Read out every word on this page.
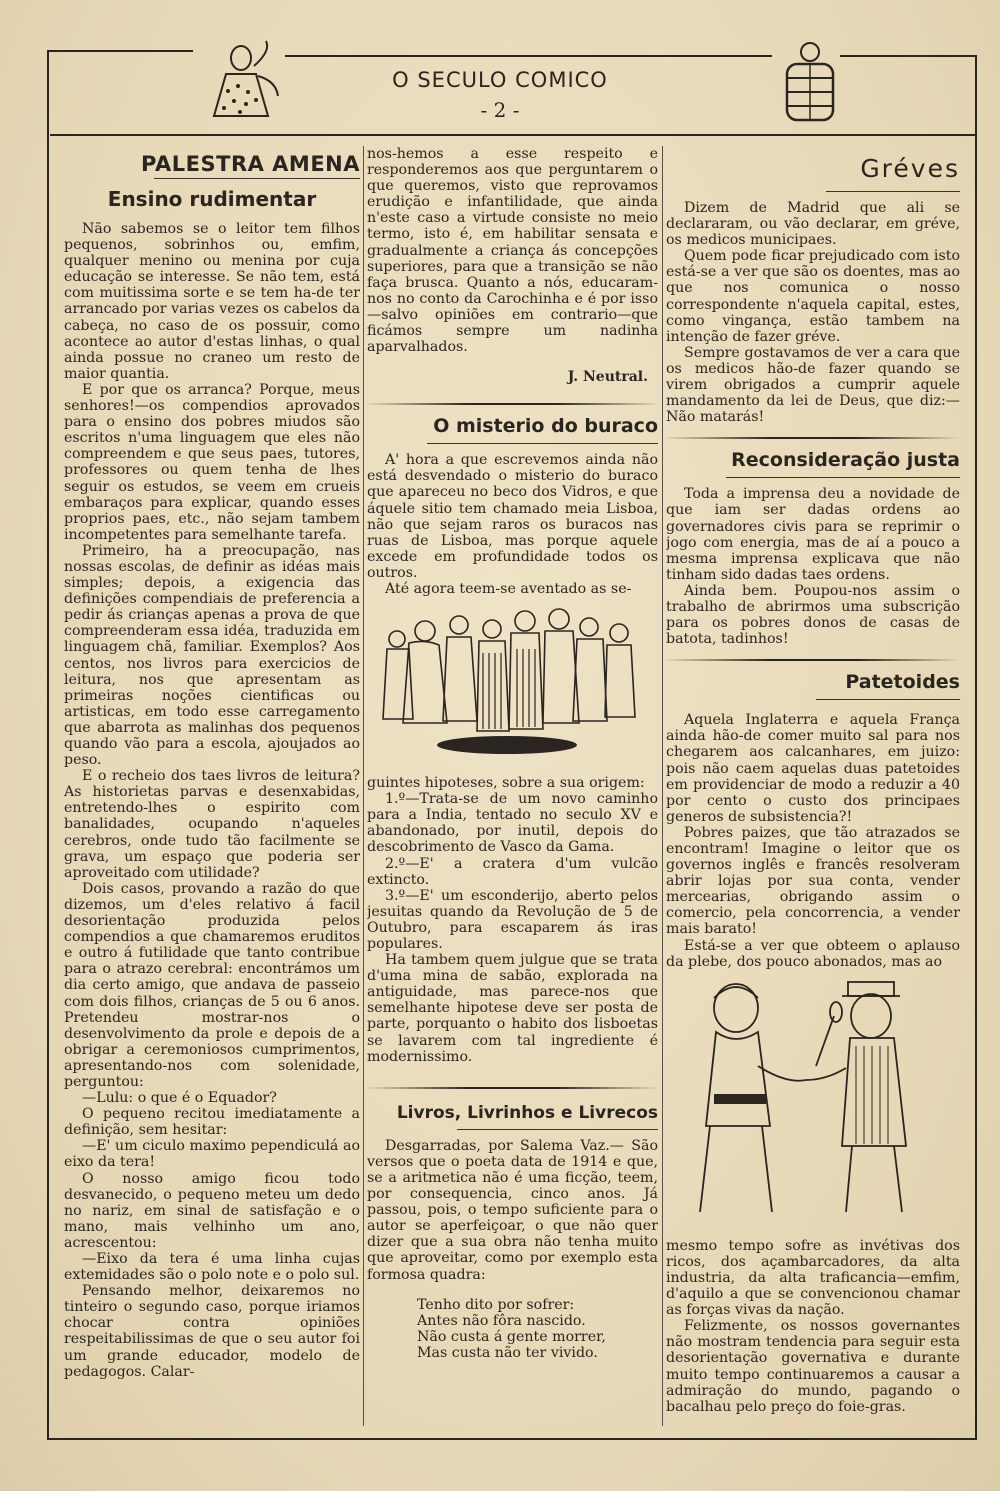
O SECULO COMICO
- 2 -
PALESTRA AMENA
Ensino rudimentar

Não sabemos se o leitor tem filhos pequenos, sobrinhos ou, emfim, qualquer menino ou menina por cuja educação se interesse. Se não tem, está com muitissima sorte e se tem ha-de ter arrancado por varias vezes os cabelos da cabeça, no caso de os possuir, como acontece ao autor d'estas linhas, o qual ainda possue no craneo um resto de maior quantia.

E por que os arranca? Porque, meus senhores!—os compendios aprovados para o ensino dos pobres miudos são escritos n'uma linguagem que eles não compreendem e que seus paes, tutores, professores ou quem tenha de lhes seguir os estudos, se veem em crueis embaraços para explicar, quando esses proprios paes, etc., não sejam tambem incompetentes para semelhante tarefa.

Primeiro, ha a preocupação, nas nossas escolas, de definir as idéas mais simples; depois, a exigencia das definições compendiais de preferencia a pedir ás crianças apenas a prova de que compreenderam essa idéa, traduzida em linguagem chã, familiar. Exemplos? Aos centos, nos livros para exercicios de leitura, nos que apresentam as primeiras noções cientificas ou artisticas, em todo esse carregamento que abarrota as malinhas dos pequenos quando vão para a escola, ajoujados ao peso.

E o recheio dos taes livros de leitura? As historietas parvas e desenxabidas, entretendo-lhes o espirito com banalidades, ocupando n'aqueles cerebros, onde tudo tão facilmente se grava, um espaço que poderia ser aproveitado com utilidade?

Dois casos, provando a razão do que dizemos, um d'eles relativo á facil desorientação produzida pelos compendios a que chamaremos eruditos e outro á futilidade que tanto contribue para o atrazo cerebral: encontrámos um dia certo amigo, que andava de passeio com dois filhos, crianças de 5 ou 6 anos. Pretendeu mostrar-nos o desenvolvimento da prole e depois de a obrigar a ceremoniosos cumprimentos, apresentando-nos com solenidade, perguntou:

—Lulu: o que é o Equador?

O pequeno recitou imediatamente a definição, sem hesitar:

—E' um ciculo maximo pependiculá ao eixo da tera!

O nosso amigo ficou todo desvanecido, o pequeno meteu um dedo no nariz, em sinal de satisfação e o mano, mais velhinho um ano, acrescentou:

—Eixo da tera é uma linha cujas extemidades são o polo note e o polo sul.

Pensando melhor, deixaremos no tinteiro o segundo caso, porque iriamos chocar contra opiniões respeitabilissimas de que o seu autor foi um grande educador, modelo de pedagogos. Calar-

nos-hemos a esse respeito e responderemos aos que perguntarem o que queremos, visto que reprovamos erudição e infantilidade, que ainda n'este caso a virtude consiste no meio termo, isto é, em habilitar sensata e gradualmente a criança ás concepções superiores, para que a transição se não faça brusca. Quanto a nós, educaram-nos no conto da Carochinha e é por isso—salvo opiniões em contrario—que ficámos sempre um nadinha aparvalhados.

J. Neutral.
O misterio do buraco

A' hora a que escrevemos ainda não está desvendado o misterio do buraco que apareceu no beco dos Vidros, e que áquele sitio tem chamado meia Lisboa, não que sejam raros os buracos nas ruas de Lisboa, mas porque aquele excede em profundidade todos os outros.

Até agora teem-se aventado as se-

guintes hipoteses, sobre a sua origem:

1.º—Trata-se de um novo caminho para a India, tentado no seculo XV e abandonado, por inutil, depois do descobrimento de Vasco da Gama.

2.º—E' a cratera d'um vulcão extincto.

3.º—E' um esconderijo, aberto pelos jesuitas quando da Revolução de 5 de Outubro, para escaparem ás iras populares.

Ha tambem quem julgue que se trata d'uma mina de sabão, explorada na antiguidade, mas parece-nos que semelhante hipotese deve ser posta de parte, porquanto o habito dos lisboetas se lavarem com tal ingrediente é modernissimo.

Livros, Livrinhos e Livrecos

Desgarradas, por Salema Vaz.— São versos que o poeta data de 1914 e que, se a aritmetica não é uma ficção, teem, por consequencia, cinco anos. Já passou, pois, o tempo suficiente para o autor se aperfeiçoar, o que não quer dizer que a sua obra não tenha muito que aproveitar, como por exemplo esta formosa quadra:

Tenho dito por sofrer:

Antes não fôra nascido.

Não custa á gente morrer,

Mas custa não ter vivido.

Gréves

Dizem de Madrid que ali se declararam, ou vão declarar, em gréve, os medicos municipaes.

Quem pode ficar prejudicado com isto está-se a ver que são os doentes, mas ao que nos comunica o nosso correspondente n'aquela capital, estes, como vingança, estão tambem na intenção de fazer gréve.

Sempre gostavamos de ver a cara que os medicos hão-de fazer quando se virem obrigados a cumprir aquele mandamento da lei de Deus, que diz:—Não matarás!

Reconsideração justa

Toda a imprensa deu a novidade de que iam ser dadas ordens ao governadores civis para se reprimir o jogo com energia, mas de aí a pouco a mesma imprensa explicava que não tinham sido dadas taes ordens.

Ainda bem. Poupou-nos assim o trabalho de abrirmos uma subscrição para os pobres donos de casas de batota, tadinhos!

Patetoides

Aquela Inglaterra e aquela França ainda hão-de comer muito sal para nos chegarem aos calcanhares, em juizo: pois não caem aquelas duas patetoides em providenciar de modo a reduzir a 40 por cento o custo dos principaes generos de subsistencia?!

Pobres paizes, que tão atrazados se encontram! Imagine o leitor que os governos inglês e francês resolveram abrir lojas por sua conta, vender mercearias, obrigando assim o comercio, pela concorrencia, a vender mais barato!

Está-se a ver que obteem o aplauso da plebe, dos pouco abonados, mas ao

mesmo tempo sofre as invétivas dos ricos, dos açambarcadores, da alta industria, da alta traficancia—emfim, d'aquilo a que se convencionou chamar as forças vivas da nação.

Felizmente, os nossos governantes não mostram tendencia para seguir esta desorientação governativa e durante muito tempo continuaremos a causar a admiração do mundo, pagando o bacalhau pelo preço do foie-gras.
